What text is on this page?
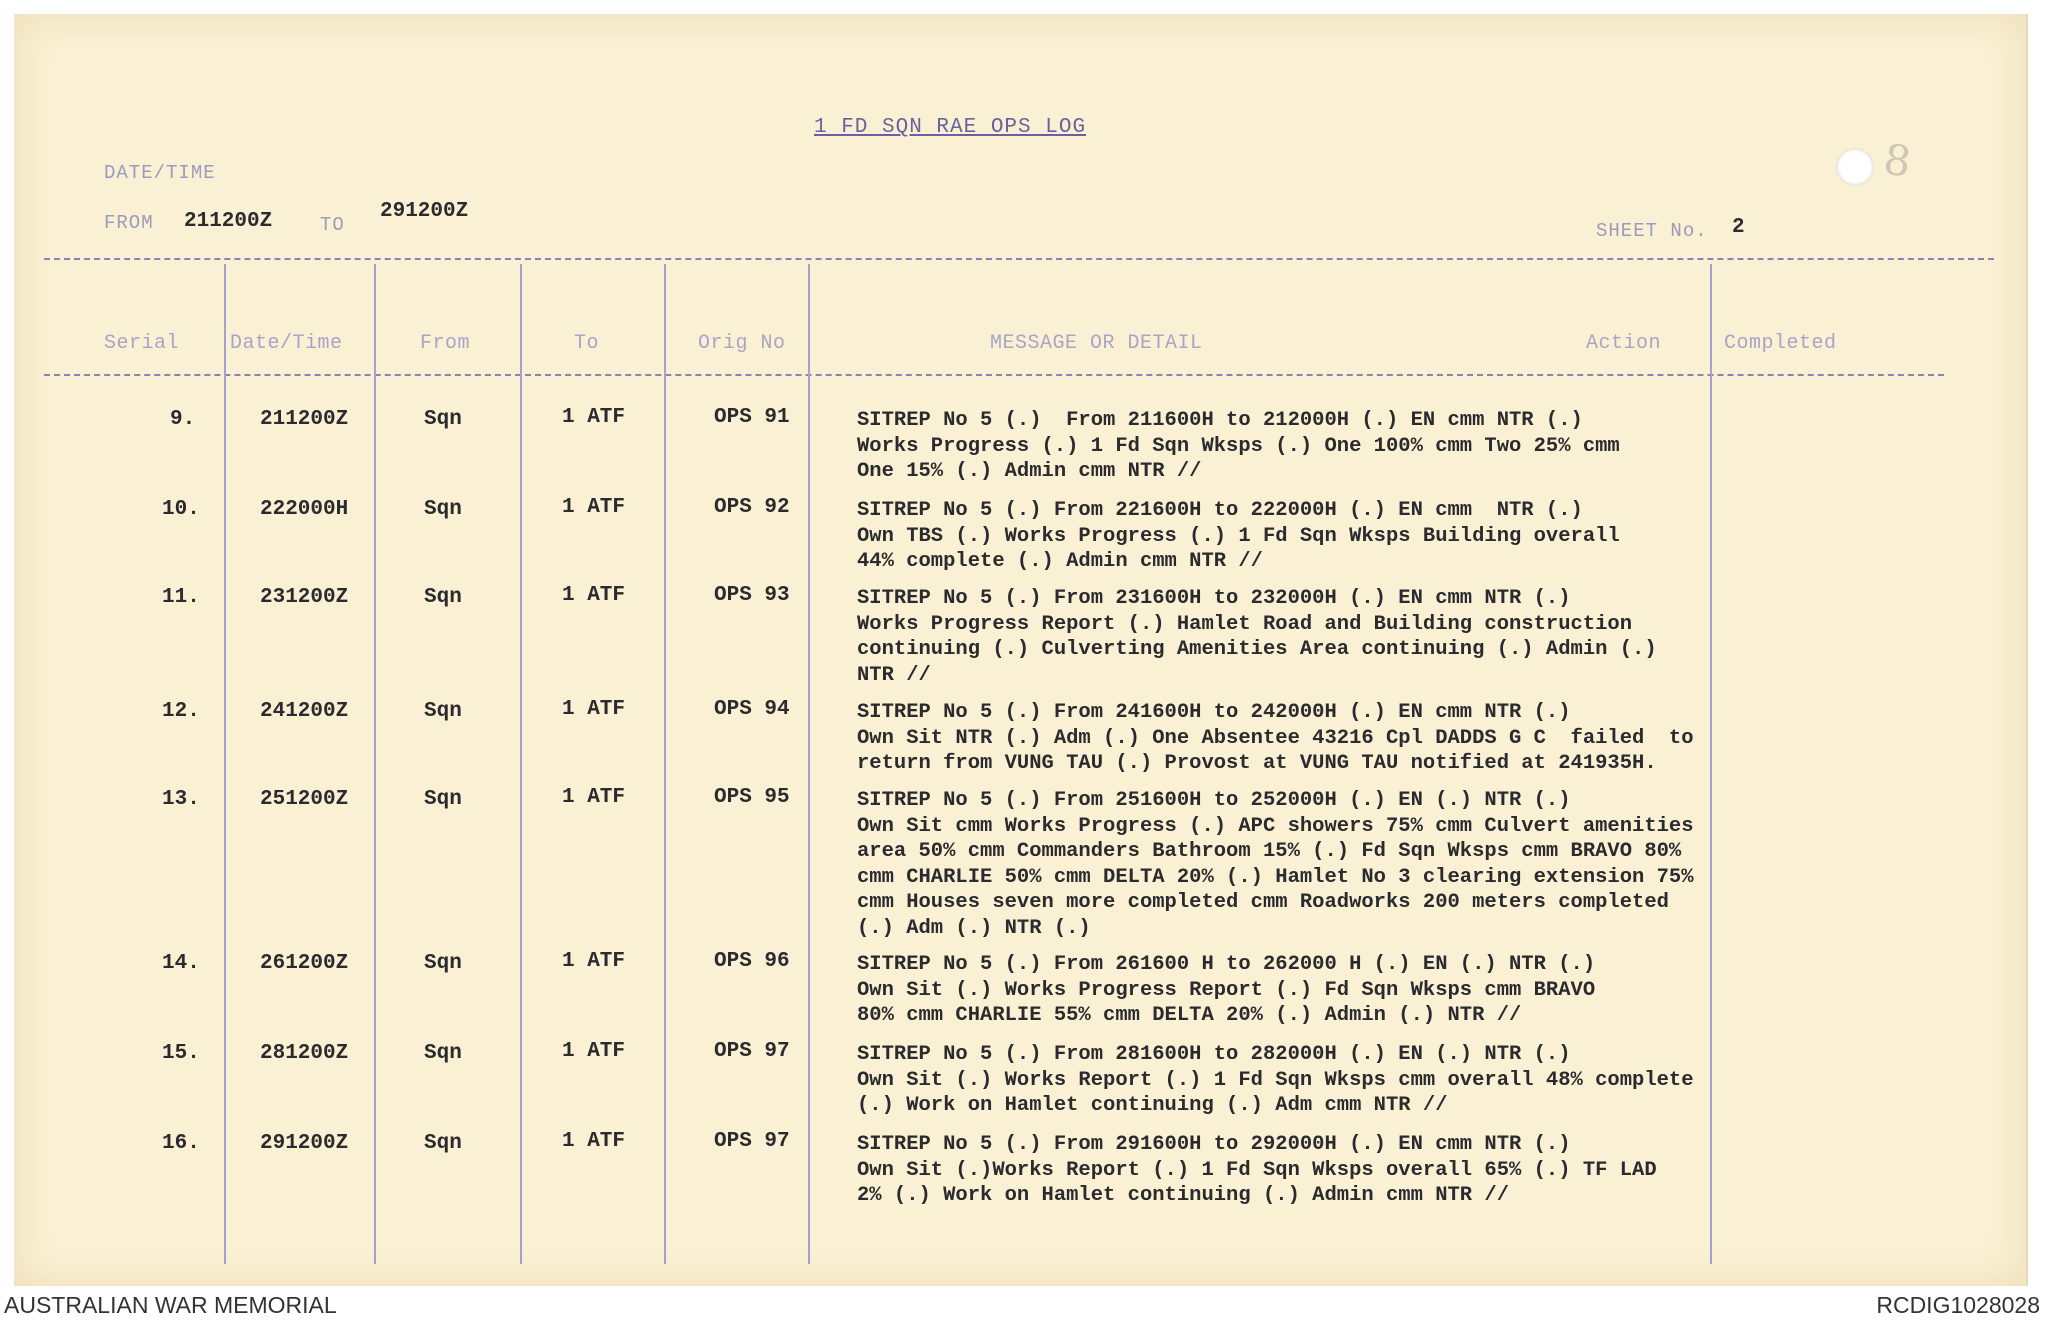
8
1 FD SQN RAE OPS LOG
DATE/TIME
FROM 211200Z	TO
291200Z
SHEET No. 2
Serial	Date/Time	From	To	Orig No	MESSAGE OR DETAIL	Action	Completed
9.	211200Z	Sqn	1 ATF	OPS 91	SITREP No 5 (.)  From 211600H to 212000H (.) EN cmm NTR (.)
Works Progress (.) 1 Fd Sqn Wksps (.) One 100% cmm Two 25% cmm
One 15% (.) Admin cmm NTR //
10.	222000H	Sqn	1 ATF	OPS 92	SITREP No 5 (.) From 221600H to 222000H (.) EN cmm  NTR (.)
Own TBS (.) Works Progress (.) 1 Fd Sqn Wksps Building overall
44% complete (.) Admin cmm NTR //
11.	231200Z	Sqn	1 ATF	OPS 93	SITREP No 5 (.) From 231600H to 232000H (.) EN cmm NTR (.)
Works Progress Report (.) Hamlet Road and Building construction
continuing (.) Culverting Amenities Area continuing (.) Admin (.)
NTR //
12.	241200Z	Sqn	1 ATF	OPS 94	SITREP No 5 (.) From 241600H to 242000H (.) EN cmm NTR (.)
Own Sit NTR (.) Adm (.) One Absentee 43216 Cpl DADDS G C  failed  to
return from VUNG TAU (.) Provost at VUNG TAU notified at 241935H.
13.	251200Z	Sqn	1 ATF	OPS 95	SITREP No 5 (.) From 251600H to 252000H (.) EN (.) NTR (.)
Own Sit cmm Works Progress (.) APC showers 75% cmm Culvert amenities
area 50% cmm Commanders Bathroom 15% (.) Fd Sqn Wksps cmm BRAVO 80%
cmm CHARLIE 50% cmm DELTA 20% (.) Hamlet No 3 clearing extension 75%
cmm Houses seven more completed cmm Roadworks 200 meters completed
(.) Adm (.) NTR (.)
14.	261200Z	Sqn	1 ATF	OPS 96	SITREP No 5 (.) From 261600 H to 262000 H (.) EN (.) NTR (.)
Own Sit (.) Works Progress Report (.) Fd Sqn Wksps cmm BRAVO
80% cmm CHARLIE 55% cmm DELTA 20% (.) Admin (.) NTR //
15.	281200Z	Sqn	1 ATF	OPS 97	SITREP No 5 (.) From 281600H to 282000H (.) EN (.) NTR (.)
Own Sit (.) Works Report (.) 1 Fd Sqn Wksps cmm overall 48% complete
(.) Work on Hamlet continuing (.) Adm cmm NTR //
16.	291200Z	Sqn	1 ATF	OPS 97	SITREP No 5 (.) From 291600H to 292000H (.) EN cmm NTR (.)
Own Sit (.)Works Report (.) 1 Fd Sqn Wksps overall 65% (.) TF LAD
2% (.) Work on Hamlet continuing (.) Admin cmm NTR //
AUSTRALIAN WAR MEMORIAL	RCDIG1028028
